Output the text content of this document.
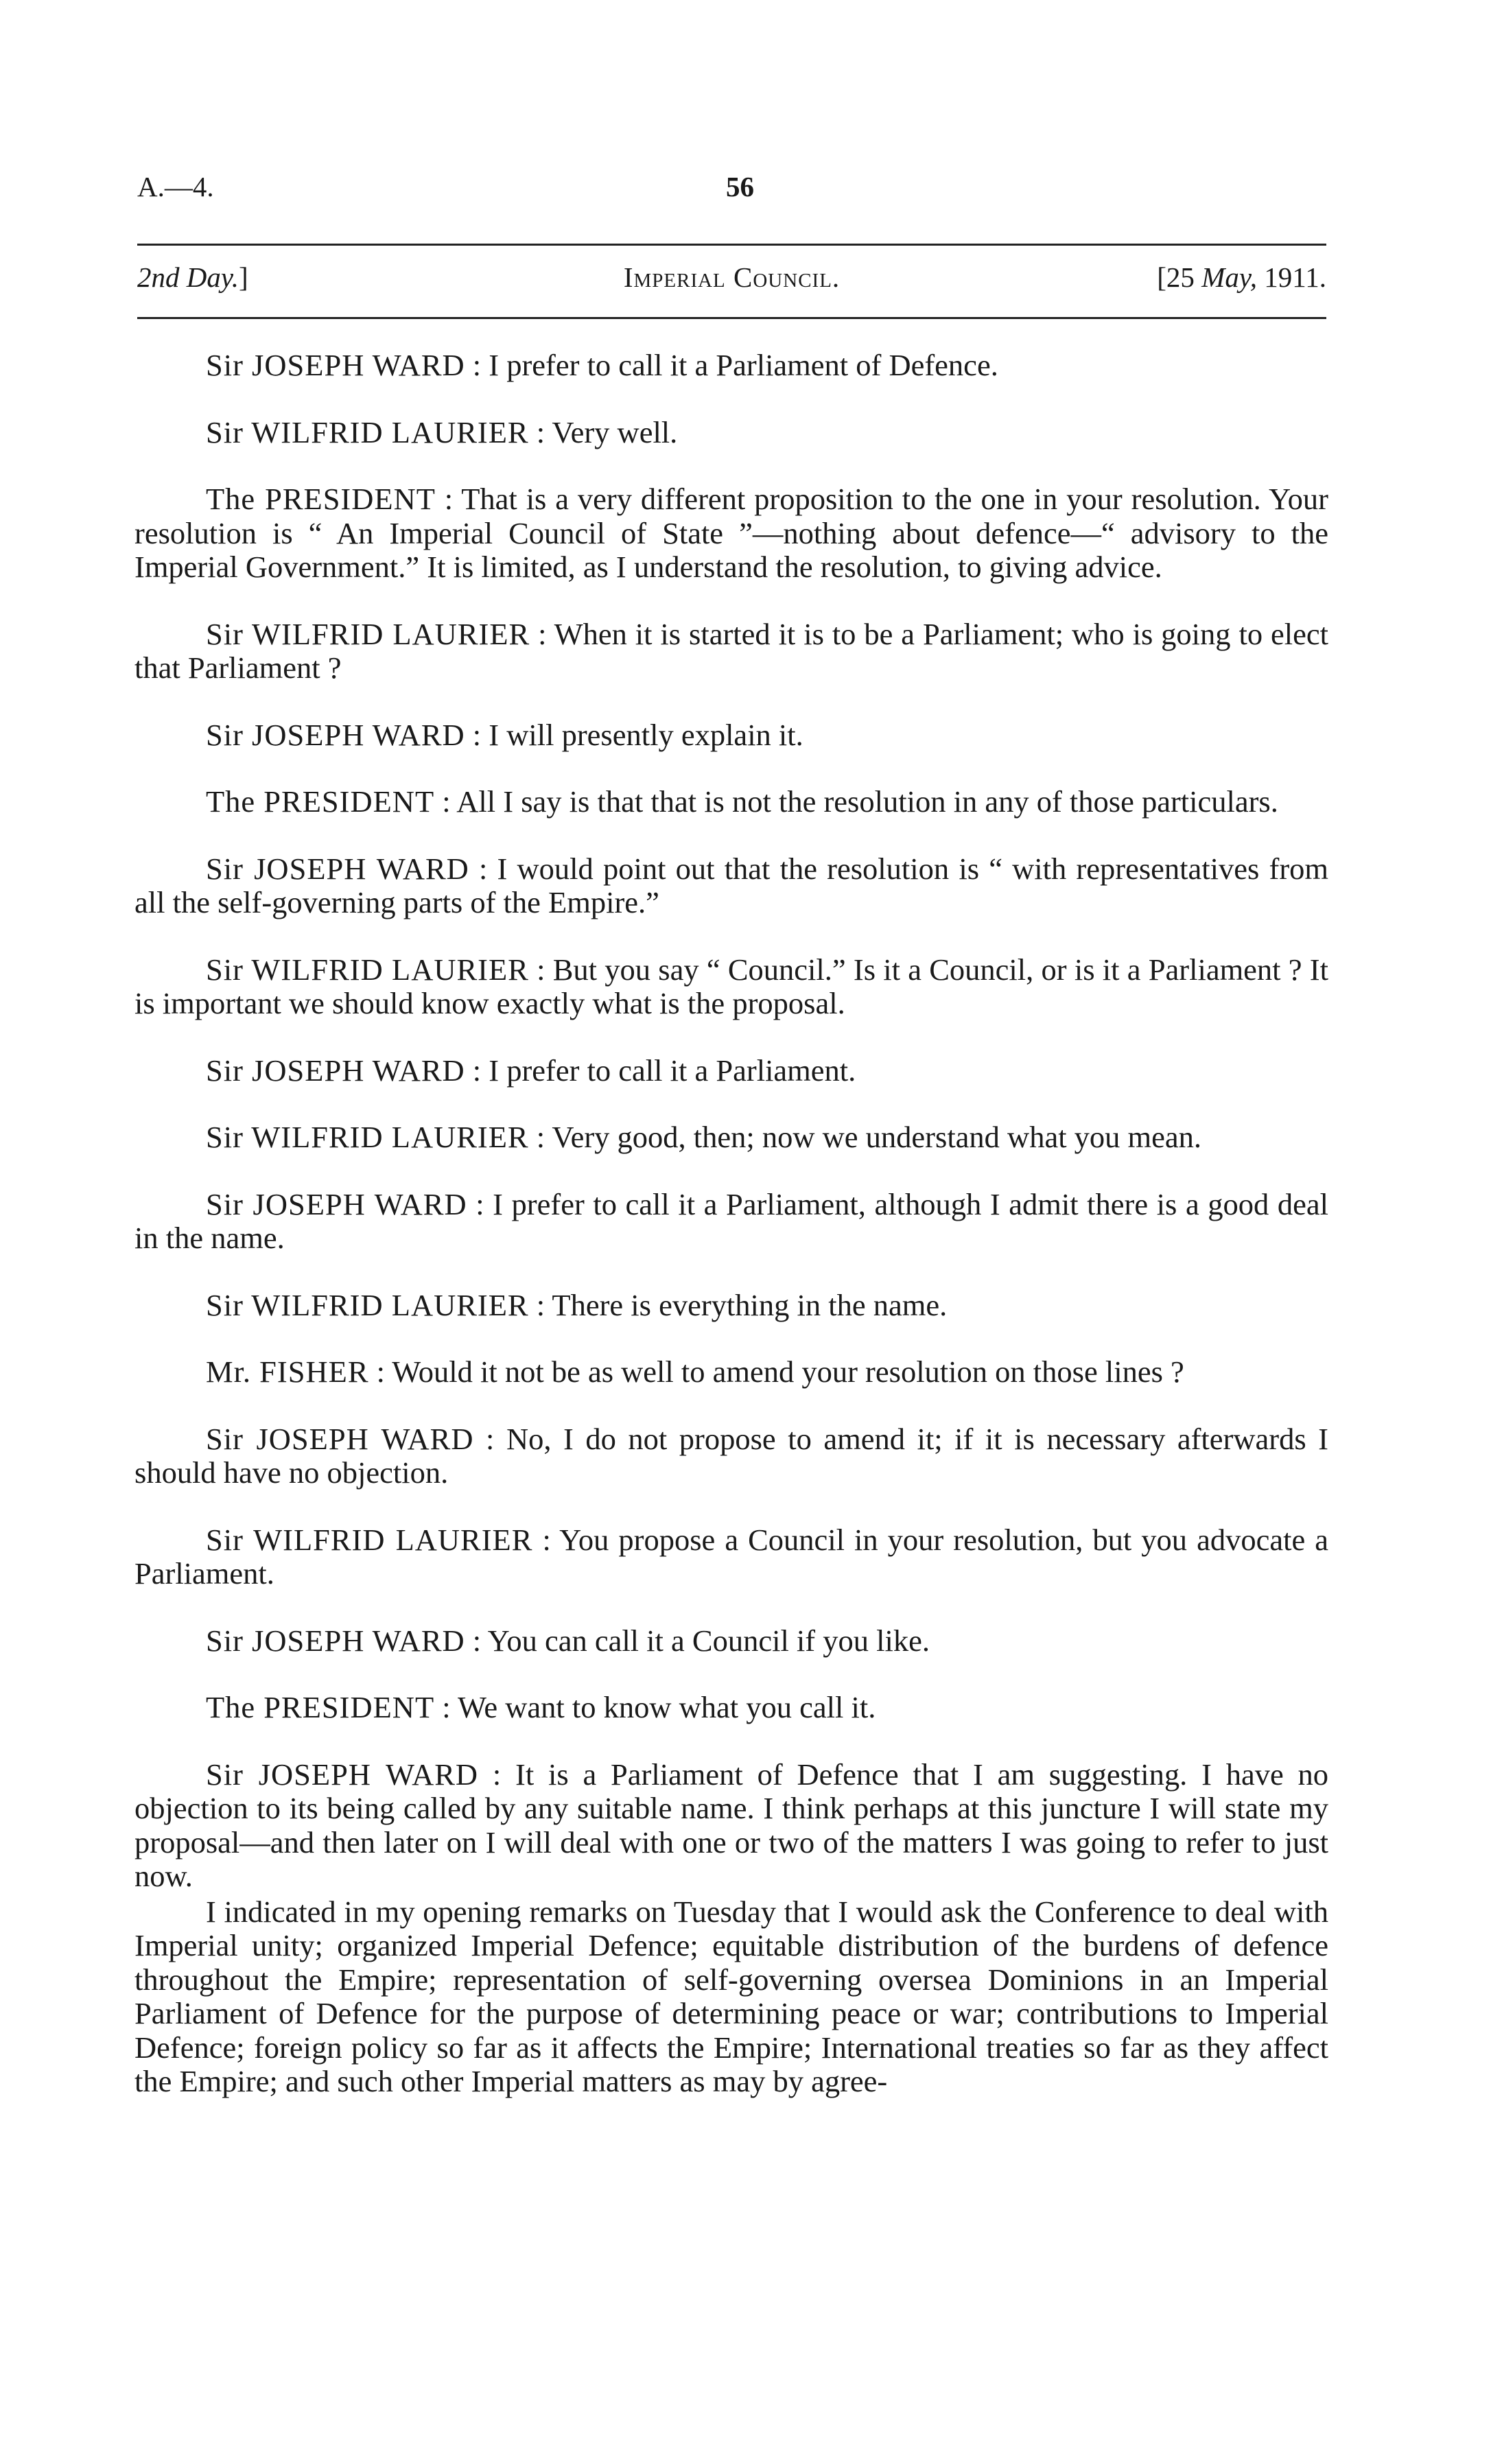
A.—4.	56
2nd Day.]	Imperial Council.	[25 May, 1911.

Sir JOSEPH WARD : I prefer to call it a Parliament of Defence.

Sir WILFRID LAURIER : Very well.

The PRESIDENT : That is a very different proposition to the one in your resolution. Your resolution is “ An Imperial Council of State ”—nothing about defence—“ advisory to the Imperial Government.” It is limited, as I understand the resolution, to giving advice.

Sir WILFRID LAURIER : When it is started it is to be a Parliament; who is going to elect that Parliament ?

Sir JOSEPH WARD : I will presently explain it.

The PRESIDENT : All I say is that that is not the resolution in any of those particulars.

Sir JOSEPH WARD : I would point out that the resolution is “ with representatives from all the self-governing parts of the Empire.”

Sir WILFRID LAURIER : But you say “ Council.” Is it a Council, or is it a Parliament ? It is important we should know exactly what is the proposal.

Sir JOSEPH WARD : I prefer to call it a Parliament.

Sir WILFRID LAURIER : Very good, then; now we understand what you mean.

Sir JOSEPH WARD : I prefer to call it a Parliament, although I admit there is a good deal in the name.

Sir WILFRID LAURIER : There is everything in the name.

Mr. FISHER : Would it not be as well to amend your resolution on those lines ?

Sir JOSEPH WARD : No, I do not propose to amend it; if it is necessary afterwards I should have no objection.

Sir WILFRID LAURIER : You propose a Council in your resolution, but you advocate a Parliament.

Sir JOSEPH WARD : You can call it a Council if you like.

The PRESIDENT : We want to know what you call it.

Sir JOSEPH WARD : It is a Parliament of Defence that I am suggesting. I have no objection to its being called by any suitable name. I think perhaps at this juncture I will state my proposal—and then later on I will deal with one or two of the matters I was going to refer to just now.

I indicated in my opening remarks on Tuesday that I would ask the Conference to deal with Imperial unity; organized Imperial Defence; equitable distribution of the burdens of defence throughout the Empire; representation of self-governing oversea Dominions in an Imperial Parliament of Defence for the purpose of determining peace or war; contributions to Imperial Defence; foreign policy so far as it affects the Empire; International treaties so far as they affect the Empire; and such other Imperial matters as may by agree-
